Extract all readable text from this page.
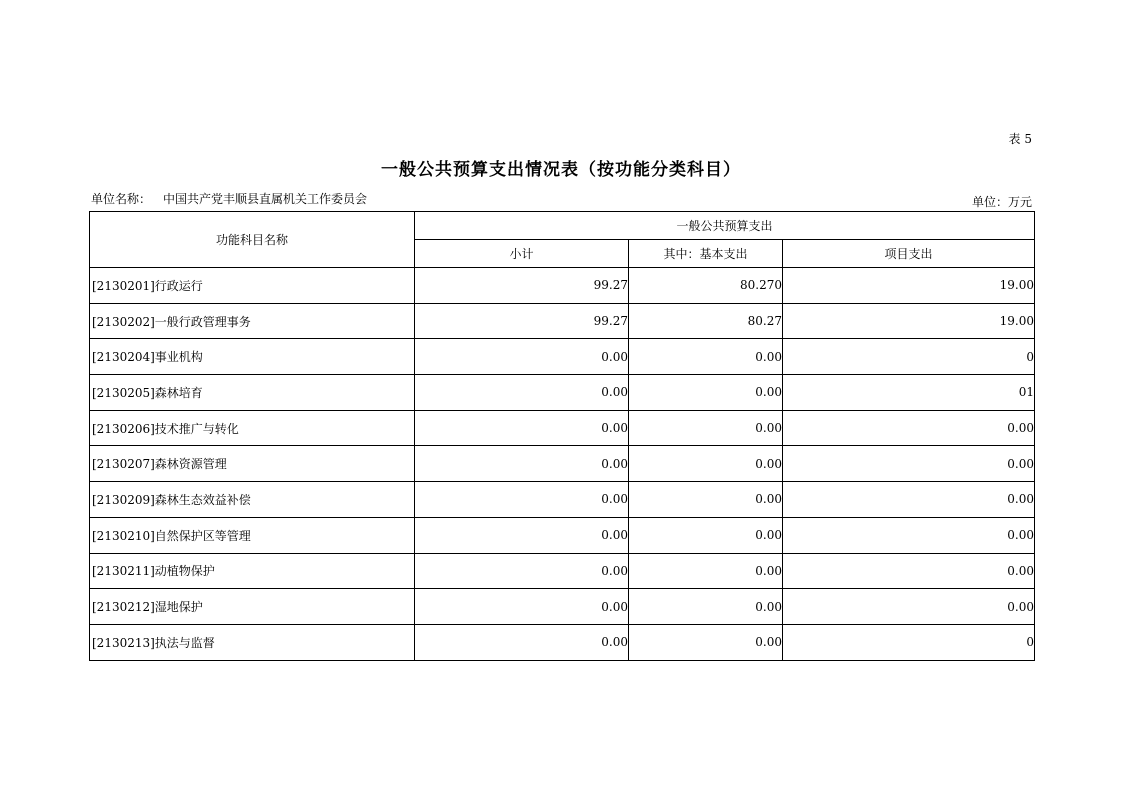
表 5
一般公共预算支出情况表（按功能分类科目）
单位名称： 中国共产党丰顺县直属机关工作委员会	单位：万元
功能科目名称	一般公共预算支出		
	小计	其中：基本支出	项目支出
[2130201]行政运行	99.27	80.270	19.00
[2130202]一般行政管理事务	99.27	80.27	19.00
[2130204]事业机构	0.00	0.00	0
[2130205]森林培育	0.00	0.00	01
[2130206]技术推广与转化	0.00	0.00	0.00
[2130207]森林资源管理	0.00	0.00	0.00
[2130209]森林生态效益补偿	0.00	0.00	0.00
[2130210]自然保护区等管理	0.00	0.00	0.00
[2130211]动植物保护	0.00	0.00	0.00
[2130212]湿地保护	0.00	0.00	0.00
[2130213]执法与监督	0.00	0.00	0
